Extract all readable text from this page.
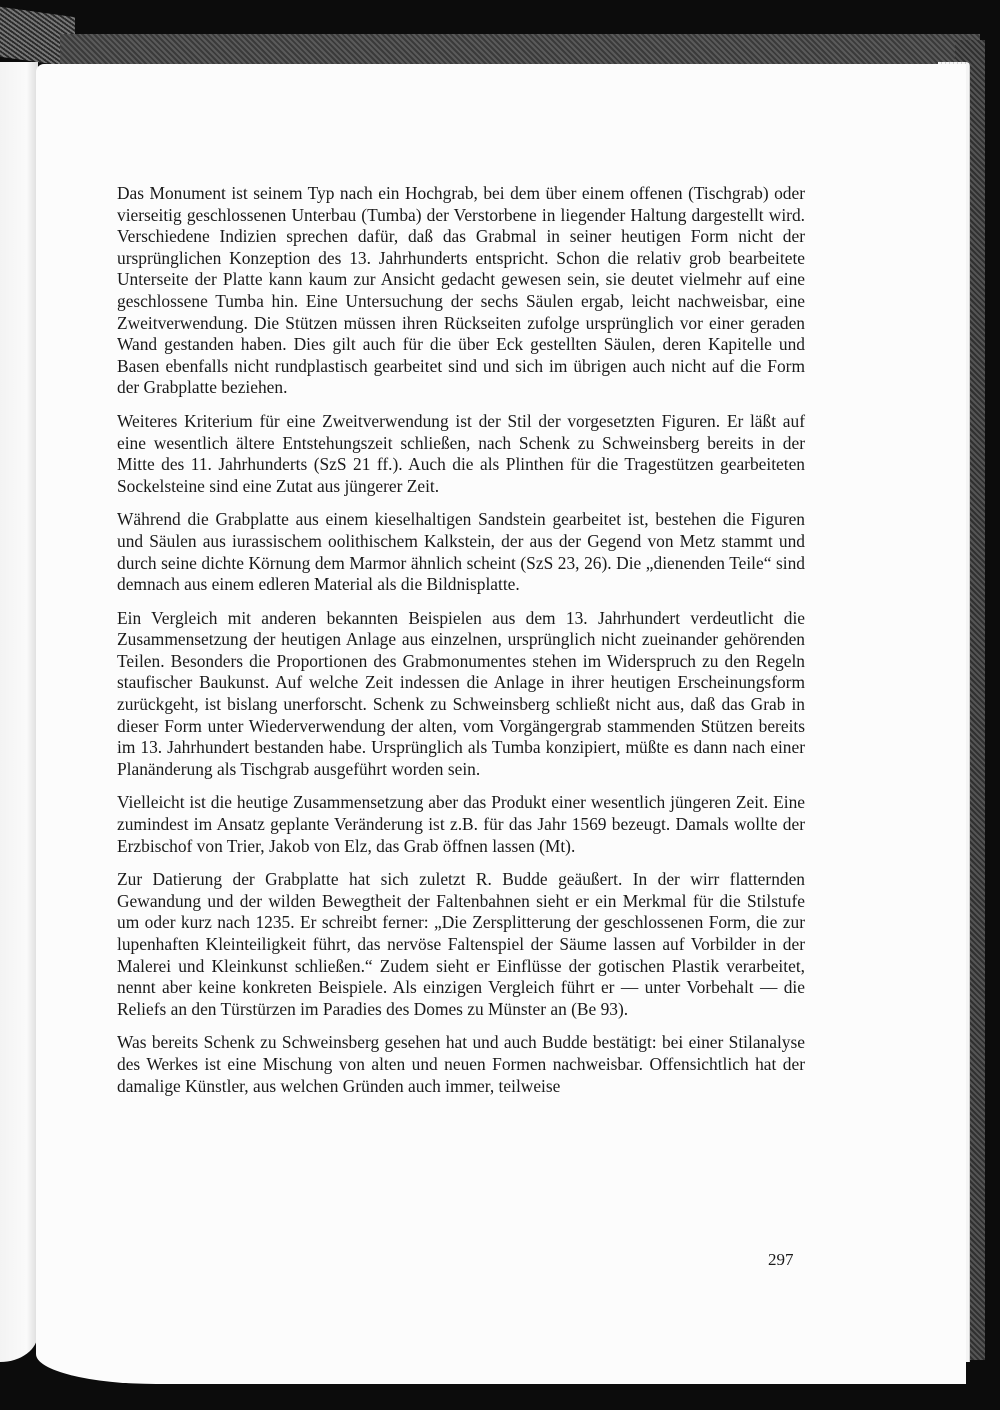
Das Monument ist seinem Typ nach ein Hochgrab, bei dem über einem offenen (Tischgrab) oder vierseitig geschlossenen Unterbau (Tumba) der Verstorbene in liegender Haltung dargestellt wird. Verschiedene Indizien sprechen dafür, daß das Grabmal in seiner heutigen Form nicht der ursprünglichen Konzeption des 13. Jahrhunderts entspricht. Schon die relativ grob bearbeitete Unterseite der Platte kann kaum zur Ansicht gedacht gewesen sein, sie deutet vielmehr auf eine geschlossene Tumba hin. Eine Untersuchung der sechs Säulen ergab, leicht nachweisbar, eine Zweitverwendung. Die Stützen müssen ihren Rückseiten zufolge ursprünglich vor einer geraden Wand gestanden haben. Dies gilt auch für die über Eck gestellten Säulen, deren Kapitelle und Basen ebenfalls nicht rundplastisch gearbeitet sind und sich im übrigen auch nicht auf die Form der Grabplatte beziehen.

Weiteres Kriterium für eine Zweitverwendung ist der Stil der vorgesetzten Figuren. Er läßt auf eine wesentlich ältere Entstehungszeit schließen, nach Schenk zu Schweinsberg bereits in der Mitte des 11. Jahrhunderts (SzS 21 ff.). Auch die als Plinthen für die Tragestützen gearbeiteten Sockelsteine sind eine Zutat aus jüngerer Zeit.

Während die Grabplatte aus einem kieselhaltigen Sandstein gearbeitet ist, bestehen die Figuren und Säulen aus iurassischem oolithischem Kalkstein, der aus der Gegend von Metz stammt und durch seine dichte Körnung dem Marmor ähnlich scheint (SzS 23, 26). Die „dienenden Teile“ sind demnach aus einem edleren Material als die Bildnisplatte.

Ein Vergleich mit anderen bekannten Beispielen aus dem 13. Jahrhundert verdeutlicht die Zusammensetzung der heutigen Anlage aus einzelnen, ursprünglich nicht zueinander gehörenden Teilen. Besonders die Proportionen des Grabmonumentes stehen im Widerspruch zu den Regeln staufischer Baukunst. Auf welche Zeit indessen die Anlage in ihrer heutigen Erscheinungsform zurückgeht, ist bislang unerforscht. Schenk zu Schweinsberg schließt nicht aus, daß das Grab in dieser Form unter Wiederverwendung der alten, vom Vorgängergrab stammenden Stützen bereits im 13. Jahrhundert bestanden habe. Ursprünglich als Tumba konzipiert, müßte es dann nach einer Planänderung als Tischgrab ausgeführt worden sein.

Vielleicht ist die heutige Zusammensetzung aber das Produkt einer wesentlich jüngeren Zeit. Eine zumindest im Ansatz geplante Veränderung ist z.B. für das Jahr 1569 bezeugt. Damals wollte der Erzbischof von Trier, Jakob von Elz, das Grab öffnen lassen (Mt).

Zur Datierung der Grabplatte hat sich zuletzt R. Budde geäußert. In der wirr flatternden Gewandung und der wilden Bewegtheit der Faltenbahnen sieht er ein Merkmal für die Stilstufe um oder kurz nach 1235. Er schreibt ferner: „Die Zersplitterung der geschlossenen Form, die zur lupenhaften Kleinteiligkeit führt, das nervöse Faltenspiel der Säume lassen auf Vorbilder in der Malerei und Kleinkunst schließen.“ Zudem sieht er Einflüsse der gotischen Plastik verarbeitet, nennt aber keine konkreten Beispiele. Als einzigen Vergleich führt er — unter Vorbehalt — die Reliefs an den Türstürzen im Paradies des Domes zu Münster an (Be 93).

Was bereits Schenk zu Schweinsberg gesehen hat und auch Budde bestätigt: bei einer Stilanalyse des Werkes ist eine Mischung von alten und neuen Formen nachweisbar. Offensichtlich hat der damalige Künstler, aus welchen Gründen auch immer, teilweise

297
